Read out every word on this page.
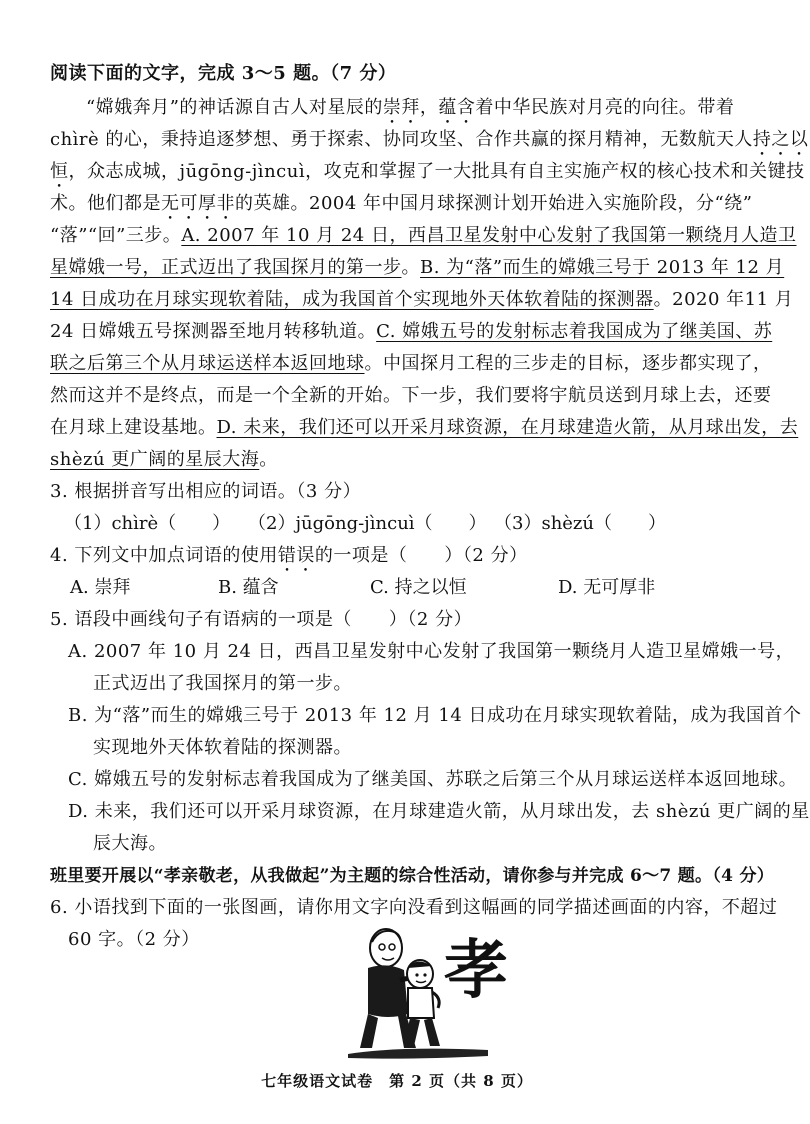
阅读下面的文字，完成 3～5 题。（7 分）
“嫦娥奔月”的神话源自古人对星辰的崇拜，蕴含着中华民族对月亮的向往。带着
chìrè 的心，秉持追逐梦想、勇于探索、协同攻坚、合作共赢的探月精神，无数航天人持之以
恒，众志成城，jūgōng-jìncuì，攻克和掌握了一大批具有自主实施产权的核心技术和关键技
术。他们都是无可厚非的英雄。2004 年中国月球探测计划开始进入实施阶段，分“绕”
“落”“回”三步。A. 2007 年 10 月 24 日，西昌卫星发射中心发射了我国第一颗绕月人造卫
星嫦娥一号，正式迈出了我国探月的第一步。B. 为“落”而生的嫦娥三号于 2013 年 12 月
14 日成功在月球实现软着陆，成为我国首个实现地外天体软着陆的探测器。2020 年11 月
24 日嫦娥五号探测器至地月转移轨道。C. 嫦娥五号的发射标志着我国成为了继美国、苏
联之后第三个从月球运送样本返回地球。中国探月工程的三步走的目标，逐步都实现了，
然而这并不是终点，而是一个全新的开始。下一步，我们要将宇航员送到月球上去，还要
在月球上建设基地。D. 未来，我们还可以开采月球资源，在月球建造火箭，从月球出发，去
shèzú 更广阔的星辰大海。
3. 根据拼音写出相应的词语。（3 分）
（1）chìrè（　　） （2）jūgōng-jìncuì（　　） （3）shèzú（　　）
4. 下列文中加点词语的使用错误的一项是（　　）（2 分）
A. 崇拜	B. 蕴含	C. 持之以恒	D. 无可厚非
5. 语段中画线句子有语病的一项是（　　）（2 分）
A. 2007 年 10 月 24 日，西昌卫星发射中心发射了我国第一颗绕月人造卫星嫦娥一号，
正式迈出了我国探月的第一步。
B. 为“落”而生的嫦娥三号于 2013 年 12 月 14 日成功在月球实现软着陆，成为我国首个
实现地外天体软着陆的探测器。
C. 嫦娥五号的发射标志着我国成为了继美国、苏联之后第三个从月球运送样本返回地球。
D. 未来，我们还可以开采月球资源，在月球建造火箭，从月球出发，去 shèzú 更广阔的星
辰大海。
班里要开展以“孝亲敬老，从我做起”为主题的综合性活动，请你参与并完成 6～7 题。（4 分）
6. 小语找到下面的一张图画，请你用文字向没看到这幅画的同学描述画面的内容，不超过
60 字。（2 分）	孝
七年级语文试卷　第 2 页（共 8 页）
